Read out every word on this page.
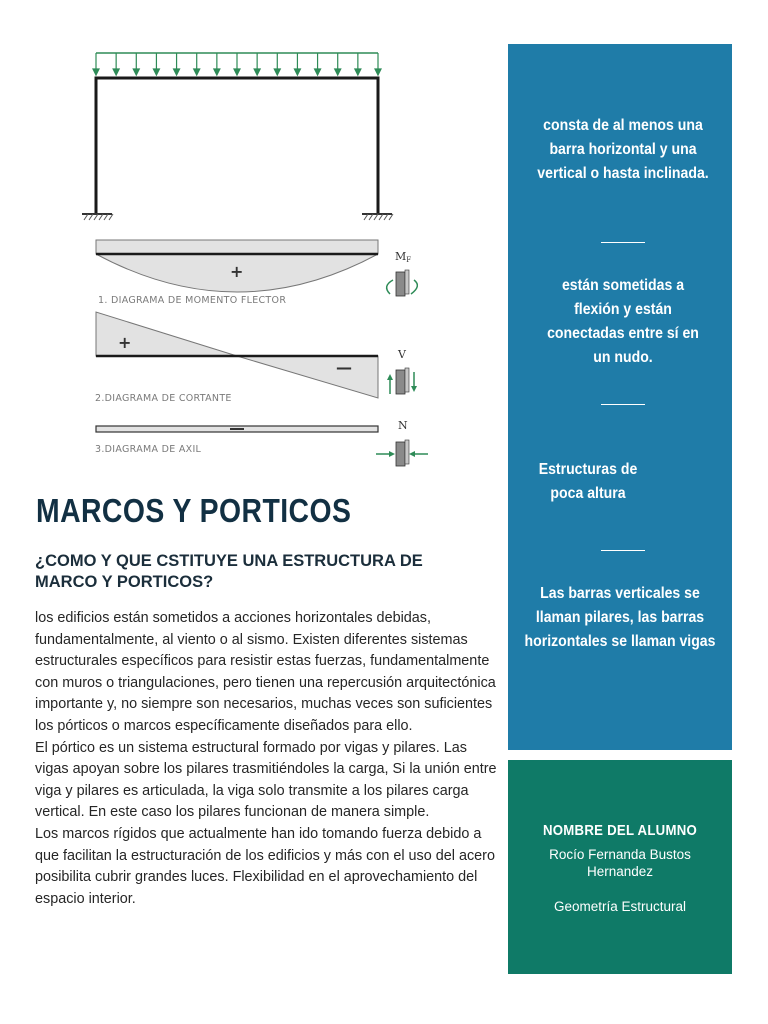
+
1. DIAGRAMA DE MOMENTO FLECTOR
MF
+
—
2.DIAGRAMA DE CORTANTE
V
3.DIAGRAMA DE AXIL
N
MARCOS Y PORTICOS
¿COMO Y QUE CSTITUYE UNA ESTRUCTURA DE MARCO Y PORTICOS?

los edificios están sometidos a acciones horizontales debidas, fundamentalmente, al viento o al sismo. Existen diferentes sistemas estructurales específicos para resistir estas fuerzas, fundamentalmente con muros o triangulaciones, pero tienen una repercusión arquitectónica importante y, no siempre son necesarios, muchas veces son suficientes los pórticos o marcos específicamente diseñados para ello.

El pórtico es un sistema estructural formado por vigas y pilares. Las vigas apoyan sobre los pilares trasmitiéndoles la carga, Si la unión entre viga y pilares es articulada, la viga solo transmite a los pilares carga vertical. En este caso los pilares funcionan de manera simple.

Los marcos rígidos que actualmente han ido tomando fuerza debido a que facilitan la estructuración de los edificios y más con el uso del acero posibilita cubrir grandes luces. Flexibilidad en el aprovechamiento del espacio interior.

consta de al menos una barra horizontal y una vertical o hasta inclinada.
están sometidas a flexión y están conectadas entre sí en un nudo.
Estructuras de poca altura
Las barras verticales se llaman pilares, las barras horizontales se llaman vigas
NOMBRE DEL ALUMNO
Rocío Fernanda Bustos Hernandez
Geometría Estructural
